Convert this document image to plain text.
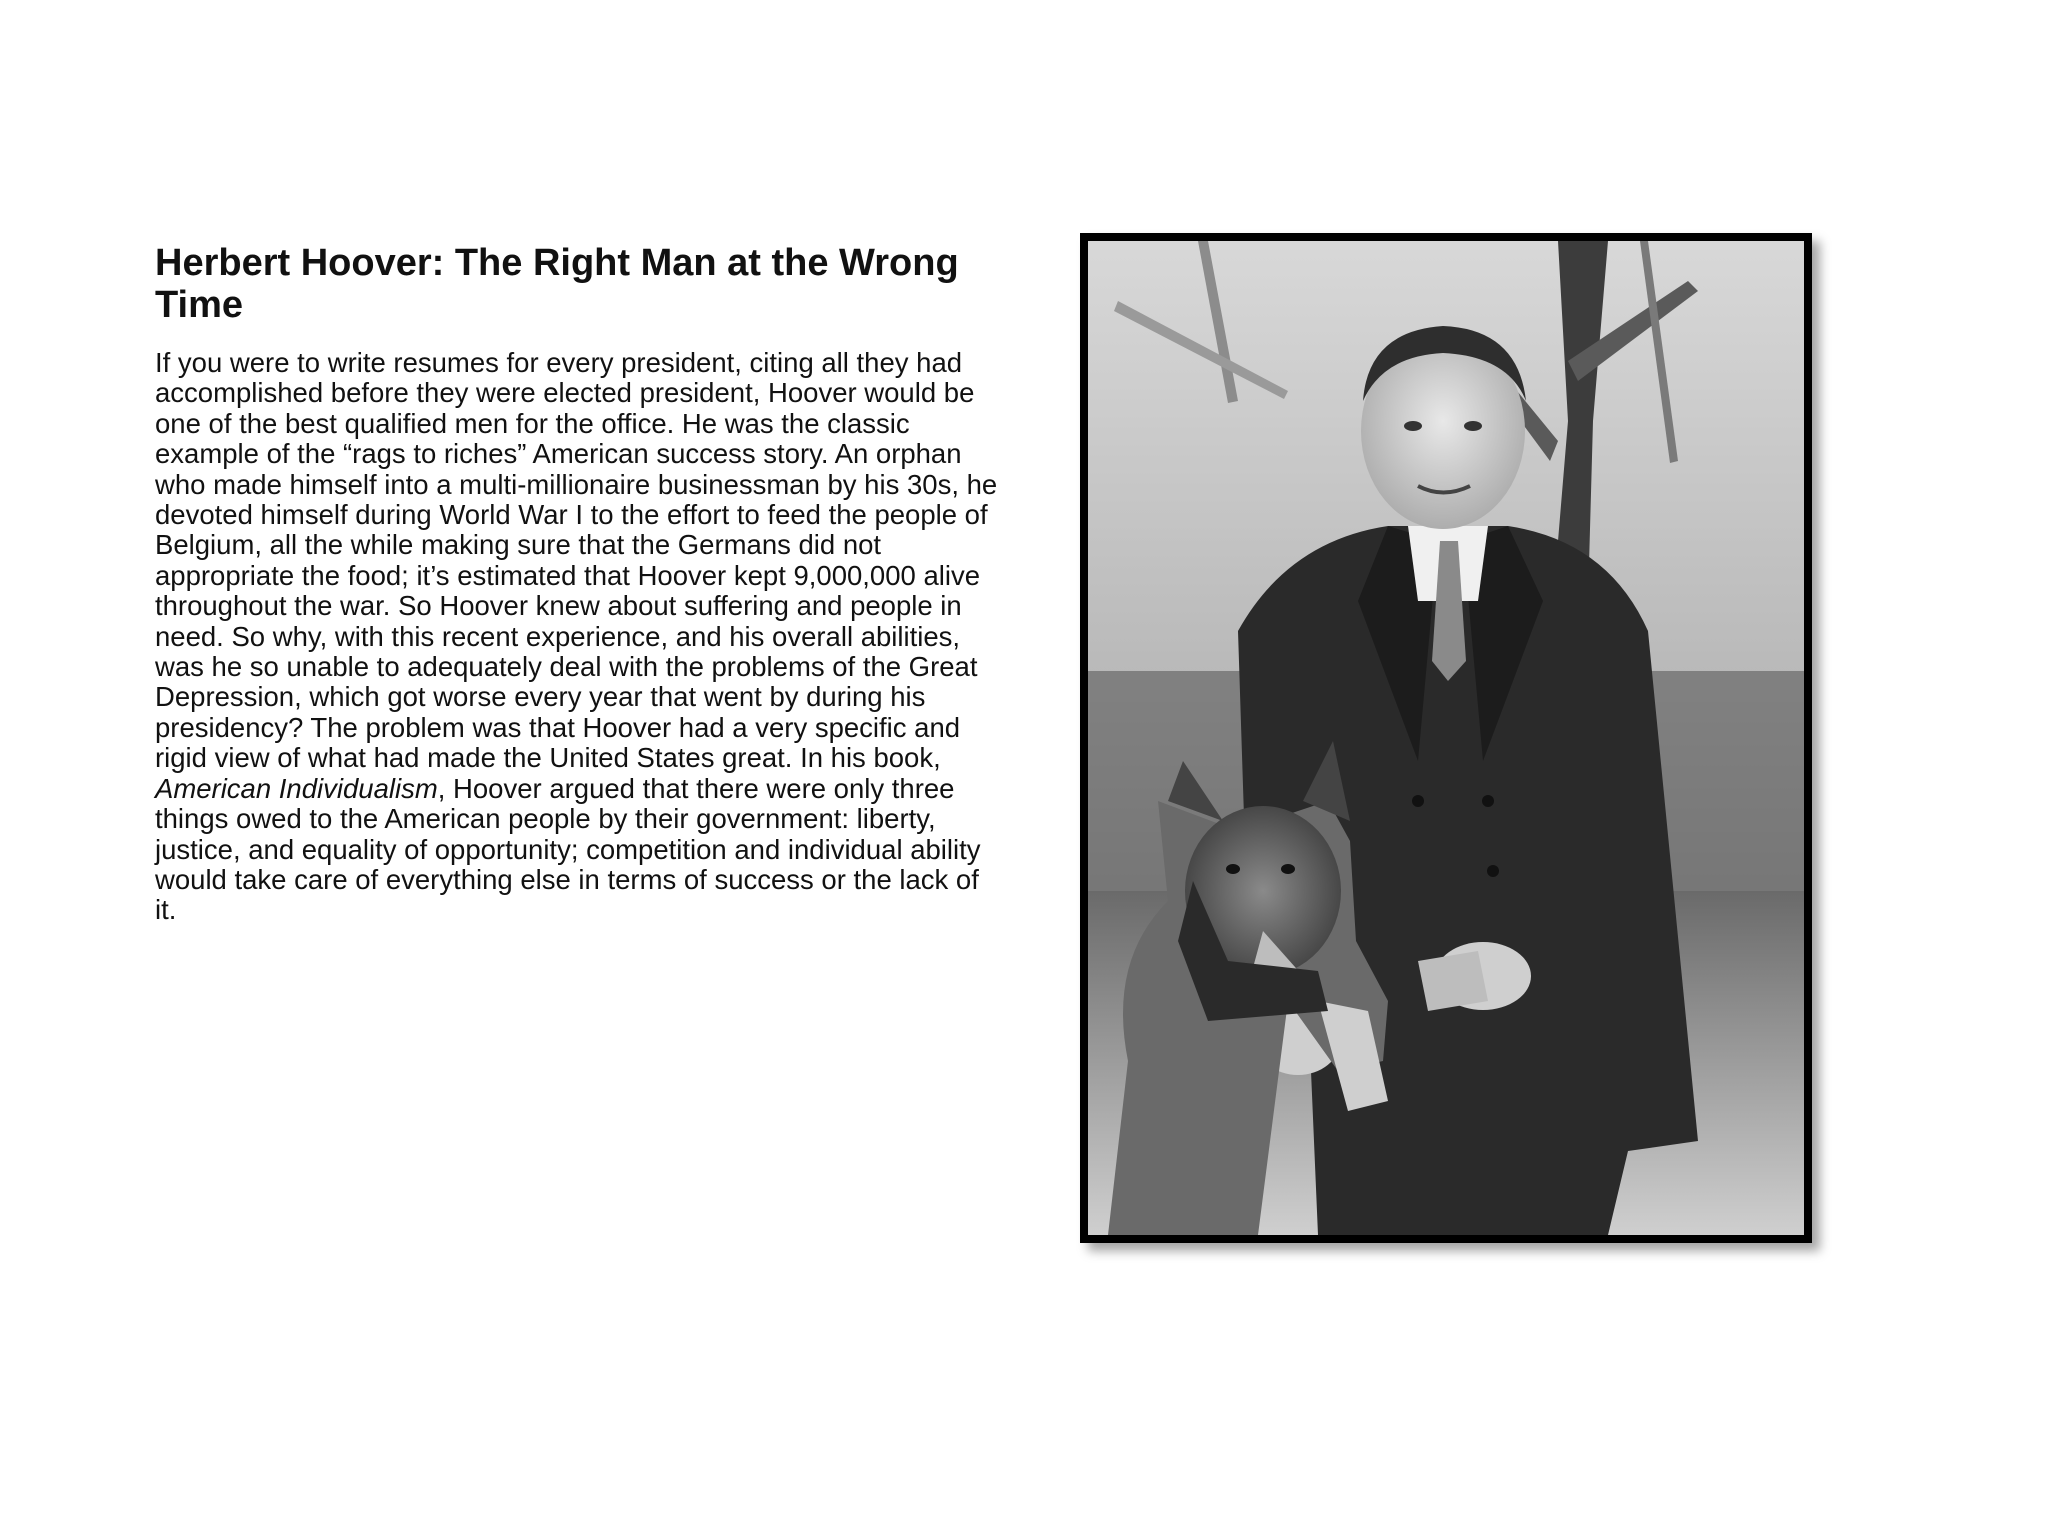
Herbert Hoover: The Right Man at the Wrong Time

If you were to write resumes for every president, citing all they had accomplished before they were elected president, Hoover would be one of the best qualified men for the office. He was the classic example of the “rags to riches” American success story. An orphan who made himself into a multi-millionaire businessman by his 30s, he devoted himself during World War I to the effort to feed the people of Belgium, all the while making sure that the Germans did not appropriate the food; it’s estimated that Hoover kept 9,000,000 alive throughout the war. So Hoover knew about suffering and people in need. So why, with this recent experience, and his overall abilities, was he so unable to adequately deal with the problems of the Great Depression, which got worse every year that went by during his presidency? The problem was that Hoover had a very specific and rigid view of what had made the United States great. In his book, American Individualism, Hoover argued that there were only three things owed to the American people by their government: liberty, justice, and equality of opportunity; competition and individual ability would take care of everything else in terms of success or the lack of it.
